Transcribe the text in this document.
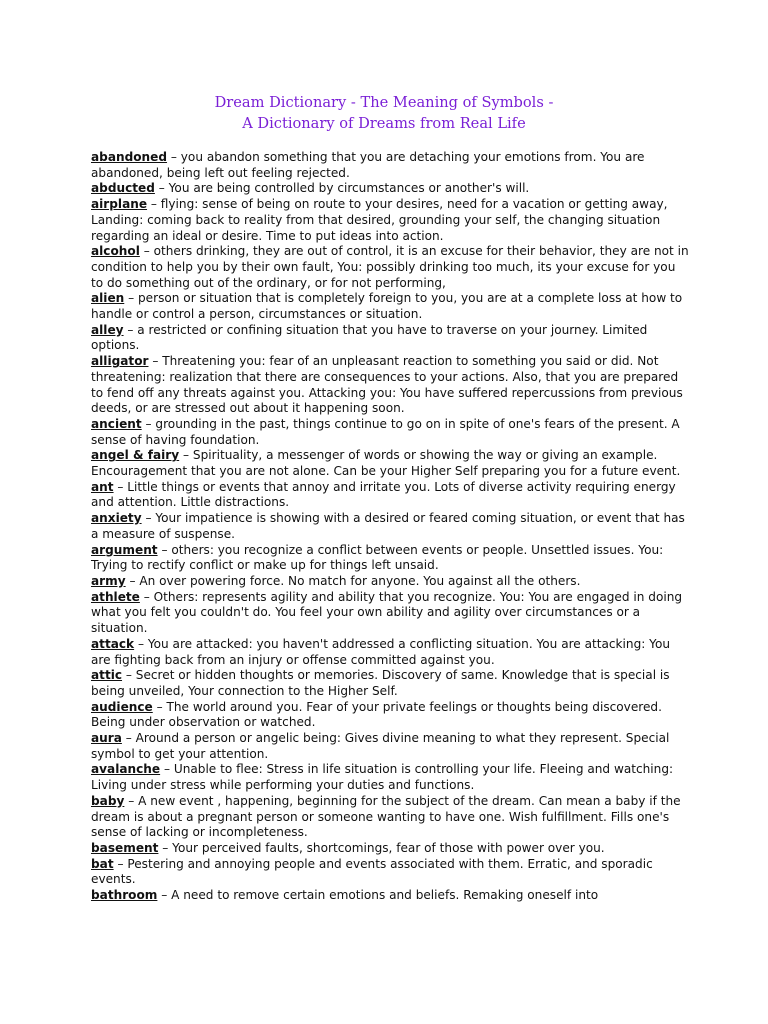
Dream Dictionary - The Meaning of Symbols -
A Dictionary of Dreams from Real Life

abandoned – you abandon something that you are detaching your emotions from. You are abandoned, being left out feeling rejected.

abducted – You are being controlled by circumstances or another's will.

airplane – flying: sense of being on route to your desires, need for a vacation or getting away, Landing: coming back to reality from that desired, grounding your self, the changing situation regarding an ideal or desire. Time to put ideas into action.

alcohol – others drinking, they are out of control, it is an excuse for their behavior, they are not in condition to help you by their own fault, You: possibly drinking too much, its your excuse for you to do something out of the ordinary, or for not performing,

alien – person or situation that is completely foreign to you, you are at a complete loss at how to handle or control a person, circumstances or situation.

alley – a restricted or confining situation that you have to traverse on your journey. Limited options.

alligator – Threatening you: fear of an unpleasant reaction to something you said or did. Not threatening: realization that there are consequences to your actions. Also, that you are prepared to fend off any threats against you. Attacking you: You have suffered repercussions from previous deeds, or are stressed out about it happening soon.

ancient – grounding in the past, things continue to go on in spite of one's fears of the present. A sense of having foundation.

angel & fairy – Spirituality, a messenger of words or showing the way or giving an example. Encouragement that you are not alone. Can be your Higher Self preparing you for a future event.

ant – Little things or events that annoy and irritate you. Lots of diverse activity requiring energy and attention. Little distractions.

anxiety – Your impatience is showing with a desired or feared coming situation, or event that has a measure of suspense.

argument – others: you recognize a conflict between events or people. Unsettled issues. You: Trying to rectify conflict or make up for things left unsaid.

army – An over powering force. No match for anyone. You against all the others.

athlete – Others: represents agility and ability that you recognize. You: You are engaged in doing what you felt you couldn't do. You feel your own ability and agility over circumstances or a situation.

attack – You are attacked: you haven't addressed a conflicting situation. You are attacking: You are fighting back from an injury or offense committed against you.

attic – Secret or hidden thoughts or memories. Discovery of same. Knowledge that is special is being unveiled, Your connection to the Higher Self.

audience – The world around you. Fear of your private feelings or thoughts being discovered. Being under observation or watched.

aura – Around a person or angelic being: Gives divine meaning to what they represent. Special symbol to get your attention.

avalanche – Unable to flee: Stress in life situation is controlling your life. Fleeing and watching: Living under stress while performing your duties and functions.

baby – A new event , happening, beginning for the subject of the dream. Can mean a baby if the dream is about a pregnant person or someone wanting to have one. Wish fulfillment. Fills one's sense of lacking or incompleteness.

basement – Your perceived faults, shortcomings, fear of those with power over you.

bat – Pestering and annoying people and events associated with them. Erratic, and sporadic events.

bathroom – A need to remove certain emotions and beliefs. Remaking oneself into
